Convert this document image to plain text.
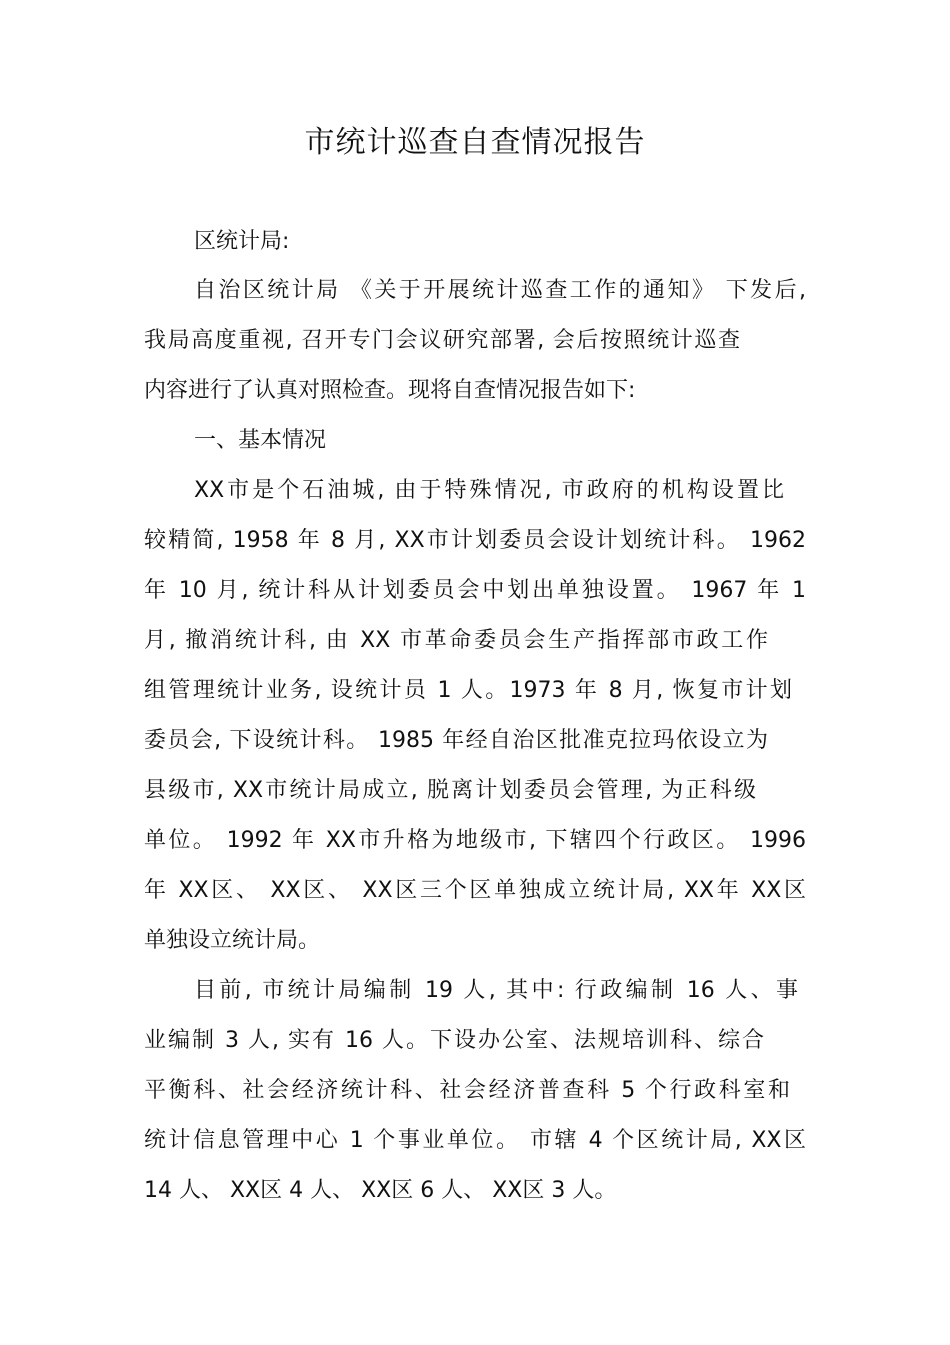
市统计巡查自查情况报告
区统计局:
自治区统计局 《关于开展统计巡查工作的通知》 下发后,
我局高度重视, 召开专门会议研究部署, 会后按照统计巡查
内容进行了认真对照检查。现将自查情况报告如下:
一、基本情况
XX市是个石油城, 由于特殊情况, 市政府的机构设置比
较精简, 1958 年 8 月, XX市计划委员会设计划统计科。 1962
年 10 月, 统计科从计划委员会中划出单独设置。 1967 年 1
月, 撤消统计科, 由 XX 市革命委员会生产指挥部市政工作
组管理统计业务, 设统计员 1 人。1973 年 8 月, 恢复市计划
委员会, 下设统计科。 1985 年经自治区批准克拉玛依设立为
县级市, XX市统计局成立, 脱离计划委员会管理, 为正科级
单位。 1992 年 XX市升格为地级市, 下辖四个行政区。 1996
年 XX区、 XX区、 XX区三个区单独成立统计局, XX年 XX区
单独设立统计局。
目前, 市统计局编制 19 人, 其中: 行政编制 16 人、事
业编制 3 人, 实有 16 人。下设办公室、法规培训科、综合
平衡科、社会经济统计科、社会经济普查科 5 个行政科室和
统计信息管理中心 1 个事业单位。 市辖 4 个区统计局, XX区
14 人、 XX区 4 人、 XX区 6 人、 XX区 3 人。
